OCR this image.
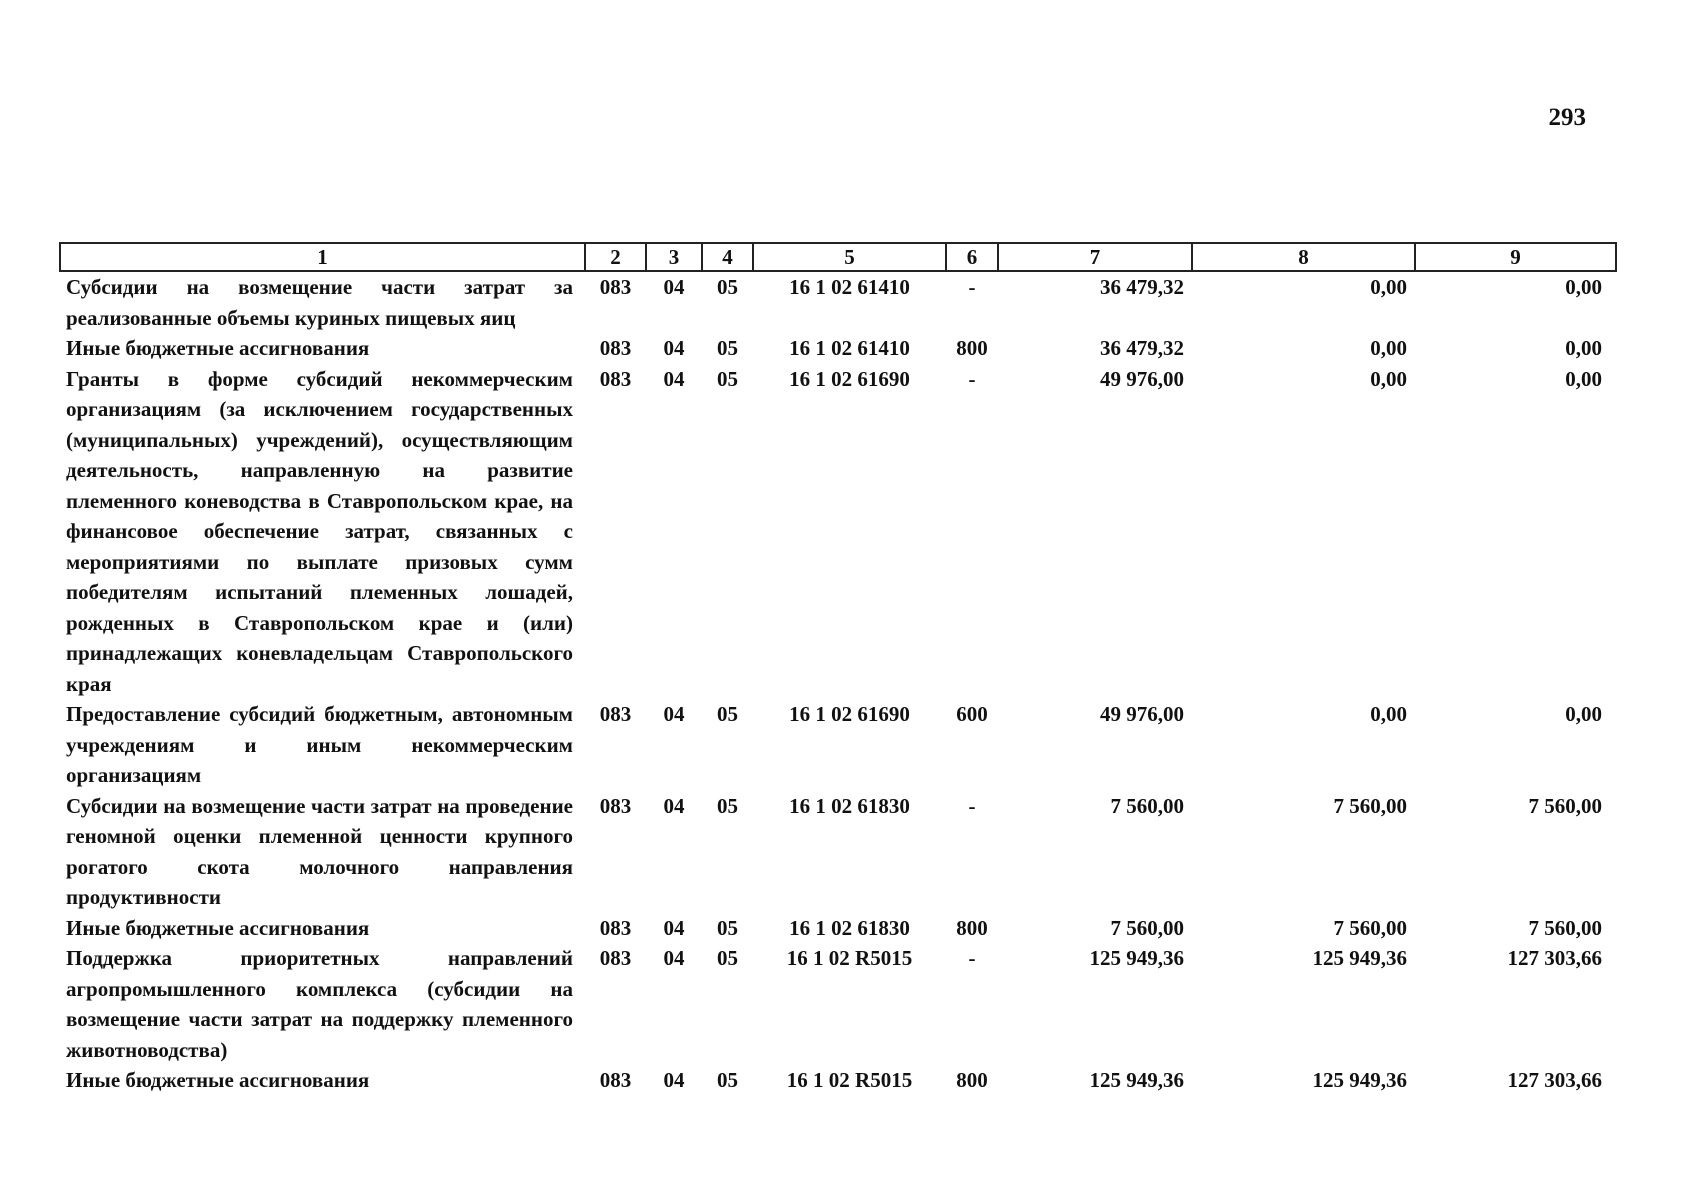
293
1	2	3	4	5	6	7	8	9
Субсидии на возмещение части затрат за реализованные объемы куриных пищевых яиц	083	04	05	16 1 02 61410	-	36 479,32	0,00	0,00
Иные бюджетные ассигнования	083	04	05	16 1 02 61410	800	36 479,32	0,00	0,00
Гранты в форме субсидий некоммерческим организациям (за исключением государственных (муниципальных) учреждений), осуществляющим деятельность, направленную на развитие племенного коневодства в Ставропольском крае, на финансовое обеспечение затрат, связанных с мероприятиями по выплате призовых сумм победителям испытаний племенных лошадей, рожденных в Ставропольском крае и (или) принадлежащих коневладельцам Ставропольского края	083	04	05	16 1 02 61690	-	49 976,00	0,00	0,00
Предоставление субсидий бюджетным, автономным учреждениям и иным некоммерческим организациям	083	04	05	16 1 02 61690	600	49 976,00	0,00	0,00
Субсидии на возмещение части затрат на проведение геномной оценки племенной ценности крупного рогатого скота молочного направления продуктивности	083	04	05	16 1 02 61830	-	7 560,00	7 560,00	7 560,00
Иные бюджетные ассигнования	083	04	05	16 1 02 61830	800	7 560,00	7 560,00	7 560,00
Поддержка приоритетных направлений агропромышленного комплекса (субсидии на возмещение части затрат на поддержку племенного животноводства)	083	04	05	16 1 02 R5015	-	125 949,36	125 949,36	127 303,66
Иные бюджетные ассигнования	083	04	05	16 1 02 R5015	800	125 949,36	125 949,36	127 303,66
